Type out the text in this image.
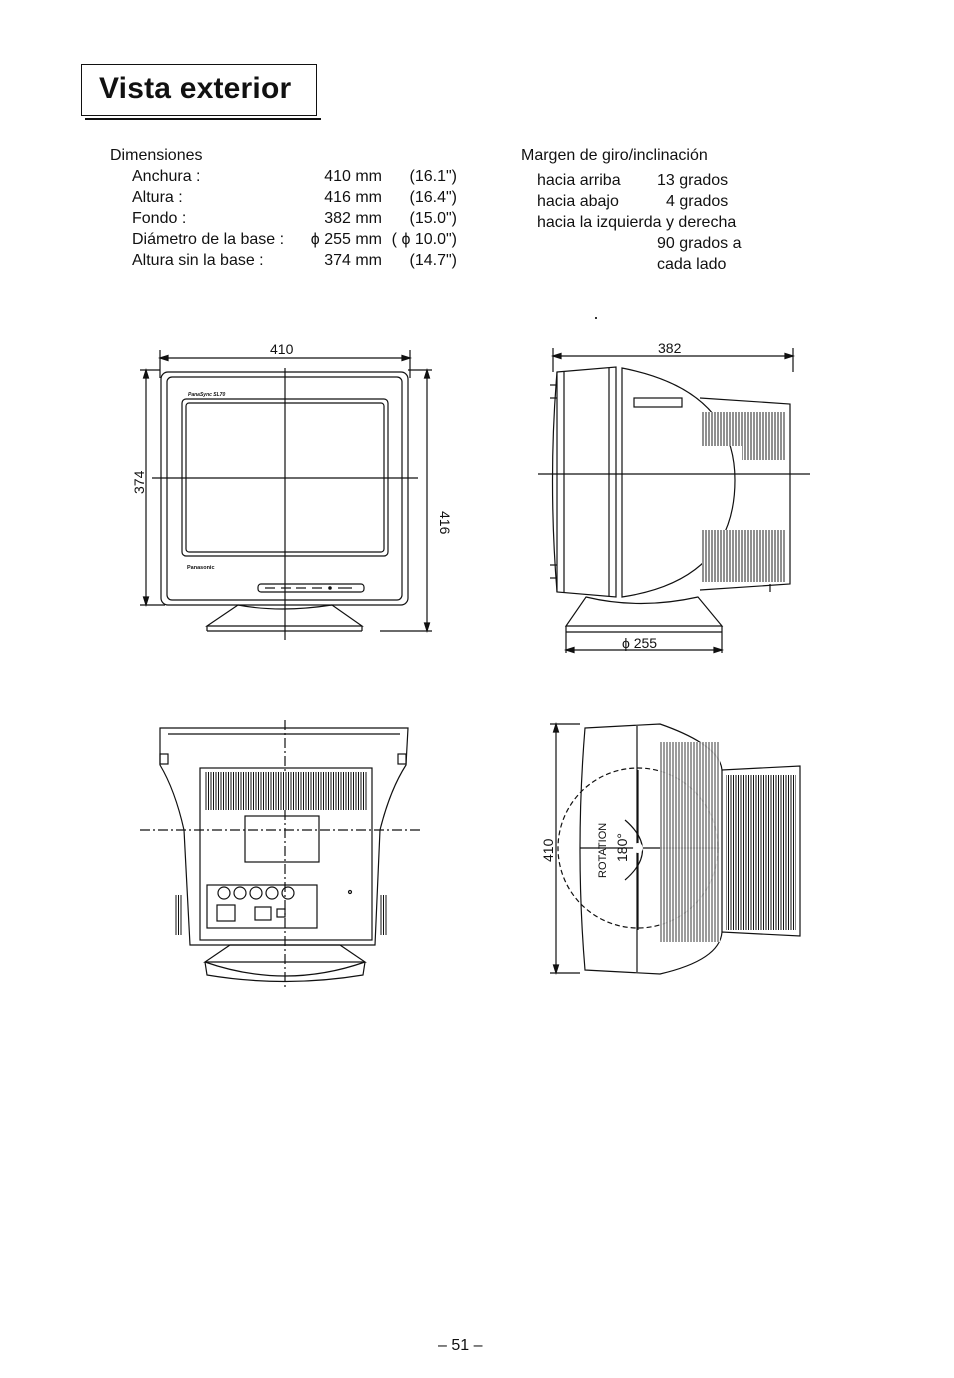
Vista exterior
Dimensiones
Anchura :	410 mm	(16.1")
Altura :	416 mm	(16.4")
Fondo :	382 mm	(15.0")
Diámetro de la base :	ϕ 255 mm ( ϕ 10.0")
Altura sin la base :	374 mm	(14.7")
Margen de giro/inclinación
hacia arriba 13 grados
hacia abajo	4 grados
hacia la izquierda y derecha
90 grados a
cada lado
410
374
416
PanaSync SL70
Panasonic
382
ϕ 255
410	ROTATION 180°
– 51 –
